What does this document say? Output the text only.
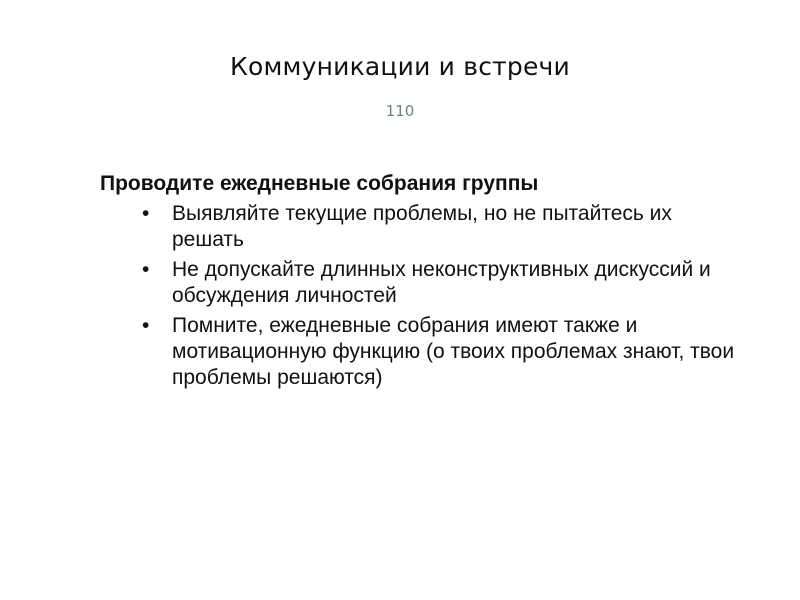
Коммуникации и встречи
110
Проводите ежедневные собрания группы
•	Выявляйте текущие проблемы, но не пытайтесь их решать
•	Не допускайте длинных неконструктивных дискуссий и обсуждения личностей
•	Помните, ежедневные собрания имеют также и мотивационную функцию (о твоих проблемах знают, твои проблемы решаются)
